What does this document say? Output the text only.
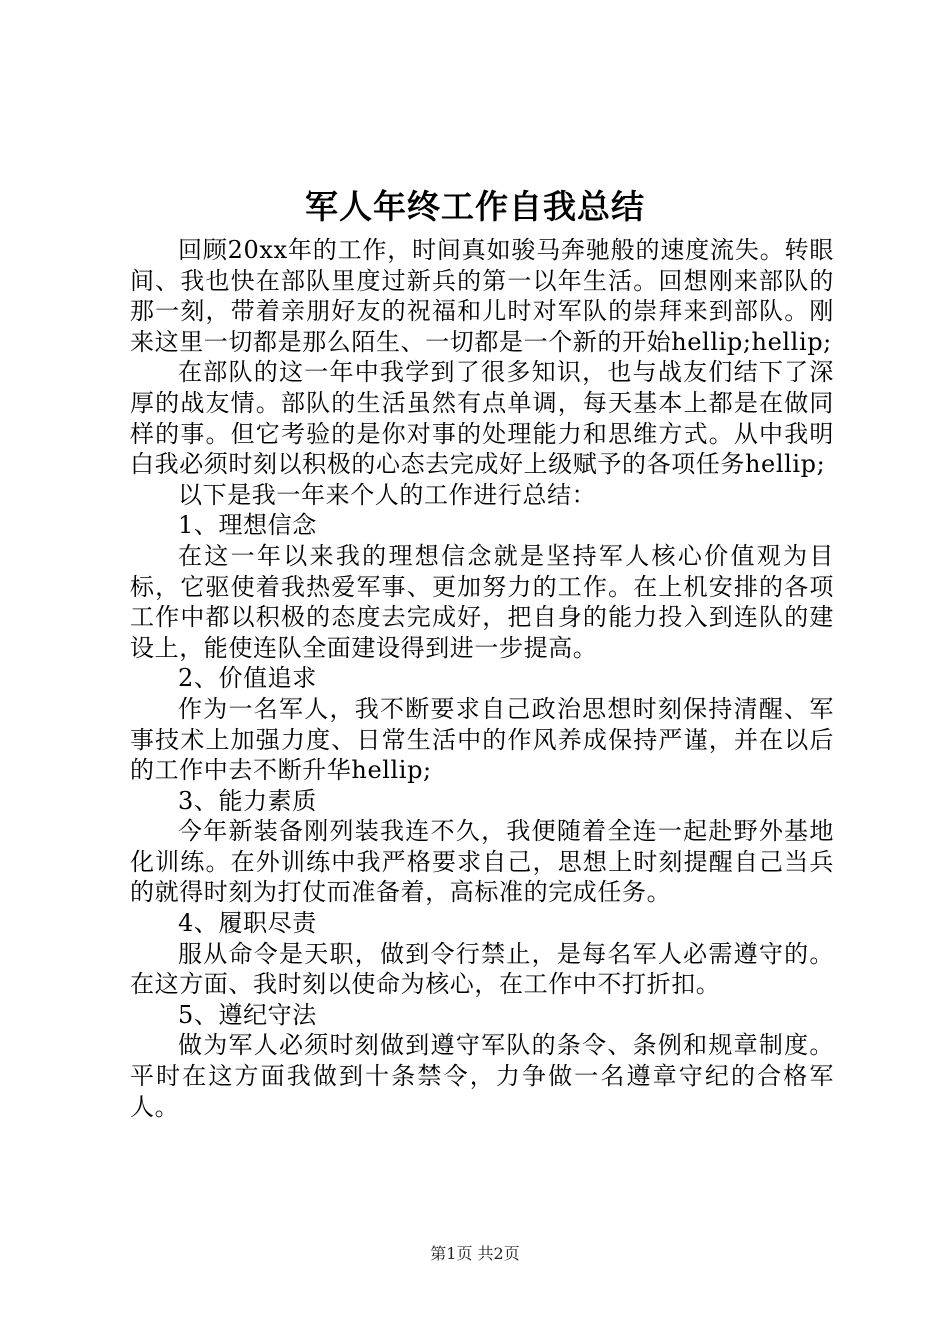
军人年终工作自我总结

回顾20xx年的工作，时间真如骏马奔驰般的速度流失。转眼间、我也快在部队里度过新兵的第一以年生活。回想刚来部队的那一刻，带着亲朋好友的祝福和儿时对军队的崇拜来到部队。刚来这里一切都是那么陌生、一切都是一个新的开始hellip;hellip;

在部队的这一年中我学到了很多知识，也与战友们结下了深厚的战友情。部队的生活虽然有点单调，每天基本上都是在做同样的事。但它考验的是你对事的处理能力和思维方式。从中我明白我必须时刻以积极的心态去完成好上级赋予的各项任务hellip;

以下是我一年来个人的工作进行总结：

1、理想信念

在这一年以来我的理想信念就是坚持军人核心价值观为目标，它驱使着我热爱军事、更加努力的工作。在上机安排的各项工作中都以积极的态度去完成好，把自身的能力投入到连队的建设上，能使连队全面建设得到进一步提高。

2、价值追求

作为一名军人，我不断要求自己政治思想时刻保持清醒、军事技术上加强力度、日常生活中的作风养成保持严谨，并在以后的工作中去不断升华hellip;

3、能力素质

今年新装备刚列装我连不久，我便随着全连一起赴野外基地化训练。在外训练中我严格要求自己，思想上时刻提醒自己当兵的就得时刻为打仗而准备着，高标准的完成任务。

4、履职尽责

服从命令是天职，做到令行禁止，是每名军人必需遵守的。在这方面、我时刻以使命为核心，在工作中不打折扣。

5、遵纪守法

做为军人必须时刻做到遵守军队的条令、条例和规章制度。平时在这方面我做到十条禁令，力争做一名遵章守纪的合格军人。

第1页 共2页
